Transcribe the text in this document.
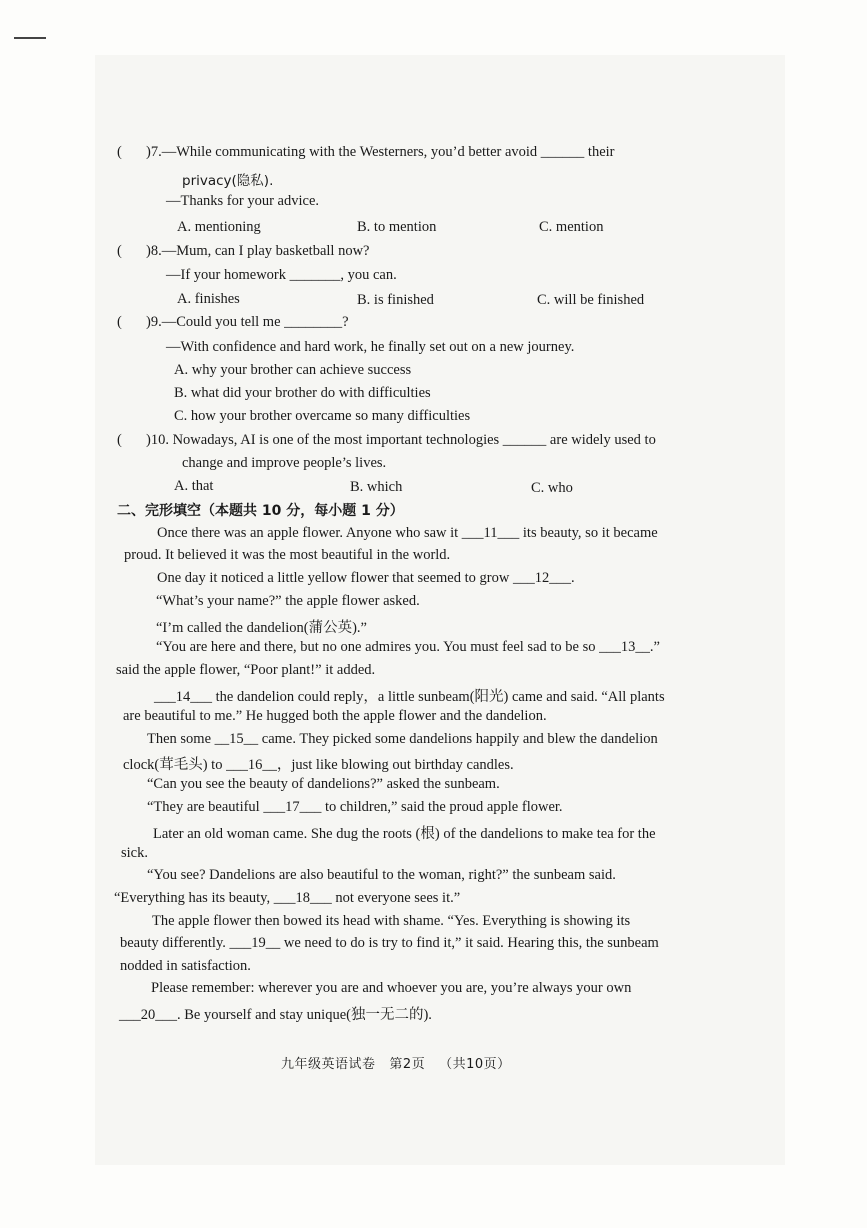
( )7.—While communicating with the Westerners, you’d better avoid ______ their
privacy(隐私).
—Thanks for your advice.
A. mentioning	B. to mention	C. mention
( )8.—Mum, can I play basketball now?
—If your homework _______, you can.
A. finishes	B. is finished	C. will be finished
( )9.—Could you tell me ________?
—With confidence and hard work, he finally set out on a new journey.
A. why your brother can achieve success
B. what did your brother do with difficulties
C. how your brother overcame so many difficulties
( )10. Nowadays, AI is one of the most important technologies ______ are widely used to
change and improve people’s lives.
A. that	B. which	C. who
二、完形填空（本题共 10 分，每小题 1 分）
Once there was an apple flower. Anyone who saw it ___11___ its beauty, so it became
proud. It believed it was the most beautiful in the world.
One day it noticed a little yellow flower that seemed to grow ___12___.
“What’s your name?” the apple flower asked.
“I’m called the dandelion(蒲公英).”
“You are here and there, but no one admires you. You must feel sad to be so ___13__.”
said the apple flower, “Poor plant!” it added.
___14___ the dandelion could reply，a little sunbeam(阳光) came and said. “All plants
are beautiful to me.” He hugged both the apple flower and the dandelion.
Then some __15__ came. They picked some dandelions happily and blew the dandelion
clock(茸毛头) to ___16__，just like blowing out birthday candles.
“Can you see the beauty of dandelions?” asked the sunbeam.
“They are beautiful ___17___ to children,” said the proud apple flower.
Later an old woman came. She dug the roots (根) of the dandelions to make tea for the
sick.
“You see? Dandelions are also beautiful to the woman, right?” the sunbeam said.
“Everything has its beauty, ___18___ not everyone sees it.”
The apple flower then bowed its head with shame. “Yes. Everything is showing its
beauty differently. ___19__ we need to do is try to find it,” it said. Hearing this, the sunbeam
nodded in satisfaction.
Please remember: wherever you are and whoever you are, you’re always your own
___20___. Be yourself and stay unique(独一无二的).
九年级英语试卷 第2页 （共10页）
